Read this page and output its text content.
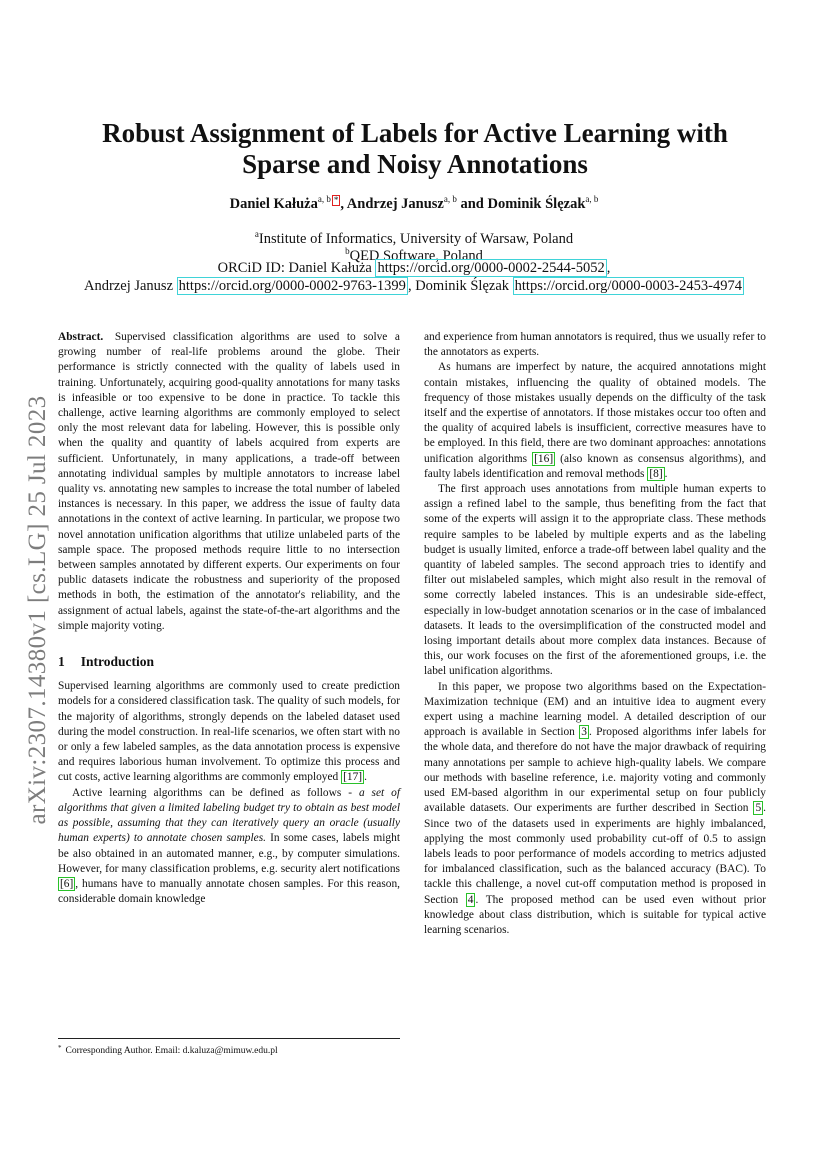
arXiv:2307.14380v1 [cs.LG] 25 Jul 2023
Robust Assignment of Labels for Active Learning with Sparse and Noisy Annotations
Daniel Kałuża$^{a, b}$ * , Andrzej Janusz$^{a, b}$ and Dominik Ślęzak$^{a, b}$
$^a$Institute of Informatics, University of Warsaw, Poland
$^b$QED Software, Poland
ORCiD ID: Daniel Kałuża https://orcid.org/0000-0002-2544-5052 ,
Andrzej Janusz https://orcid.org/0000-0002-9763-1399 , Dominik Ślęzak https://orcid.org/0000-0003-2453-4974

Abstract. Supervised classification algorithms are used to solve a growing number of real-life problems around the globe. Their performance is strictly connected with the quality of labels used in training. Unfortunately, acquiring good-quality annotations for many tasks is infeasible or too expensive to be done in practice. To tackle this challenge, active learning algorithms are commonly employed to select only the most relevant data for labeling. However, this is possible only when the quality and quantity of labels acquired from experts are sufficient. Unfortunately, in many applications, a trade-off between annotating individual samples by multiple annotators to increase label quality vs. annotating new samples to increase the total number of labeled instances is necessary. In this paper, we address the issue of faulty data annotations in the context of active learning. In particular, we propose two novel annotation unification algorithms that utilize unlabeled parts of the sample space. The proposed methods require little to no intersection between samples annotated by different experts. Our experiments on four public datasets indicate the robustness and superiority of the proposed methods in both, the estimation of the annotator's reliability, and the assignment of actual labels, against the state-of-the-art algorithms and the simple majority voting.

1 Introduction

Supervised learning algorithms are commonly used to create prediction models for a considered classification task. The quality of such models, for the majority of algorithms, strongly depends on the labeled dataset used during the model construction. In real-life scenarios, we often start with no or only a few labeled samples, as the data annotation process is expensive and requires laborious human involvement. To optimize this process and cut costs, active learning algorithms are commonly employed [17] .

Active learning algorithms can be defined as follows - a set of algorithms that given a limited labeling budget try to obtain as best model as possible, assuming that they can iteratively query an oracle (usually human experts) to annotate chosen samples. In some cases, labels might be also obtained in an automated manner, e.g., by computer simulations. However, for many classification problems, e.g. security alert notifications [6] , humans have to manually annotate chosen samples. For this reason, considerable domain knowledge

and experience from human annotators is required, thus we usually refer to the annotators as experts.

As humans are imperfect by nature, the acquired annotations might contain mistakes, influencing the quality of obtained models. The frequency of those mistakes usually depends on the difficulty of the task itself and the expertise of annotators. If those mistakes occur too often and the quality of acquired labels is insufficient, corrective measures have to be employed. In this field, there are two dominant approaches: annotations unification algorithms [16] (also known as consensus algorithms), and faulty labels identification and removal methods [8] .

The first approach uses annotations from multiple human experts to assign a refined label to the sample, thus benefiting from the fact that some of the experts will assign it to the appropriate class. These methods require samples to be labeled by multiple experts and as the labeling budget is usually limited, enforce a trade-off between label quality and the quantity of labeled samples. The second approach tries to identify and filter out mislabeled samples, which might also result in the removal of some correctly labeled instances. This is an undesirable side-effect, especially in low-budget annotation scenarios or in the case of imbalanced datasets. It leads to the oversimplification of the constructed model and losing important details about more complex data instances. Because of this, our work focuses on the first of the aforementioned groups, i.e. the label unification algorithms.

In this paper, we propose two algorithms based on the Expectation-Maximization technique (EM) and an intuitive idea to augment every expert using a machine learning model. A detailed description of our approach is available in Section 3 . Proposed algorithms infer labels for the whole data, and therefore do not have the major drawback of requiring many annotations per sample to achieve high-quality labels. We compare our methods with baseline reference, i.e. majority voting and commonly used EM-based algorithm in our experimental setup on four publicly available datasets. Our experiments are further described in Section 5 . Since two of the datasets used in experiments are highly imbalanced, applying the most commonly used probability cut-off of 0.5 to assign labels leads to poor performance of models according to metrics adjusted for imbalanced classification, such as the balanced accuracy (BAC). To tackle this challenge, a novel cut-off computation method is proposed in Section 4 . The proposed method can be used even without prior knowledge about class distribution, which is suitable for typical active learning scenarios.

* Corresponding Author. Email: d.kaluza@mimuw.edu.pl
